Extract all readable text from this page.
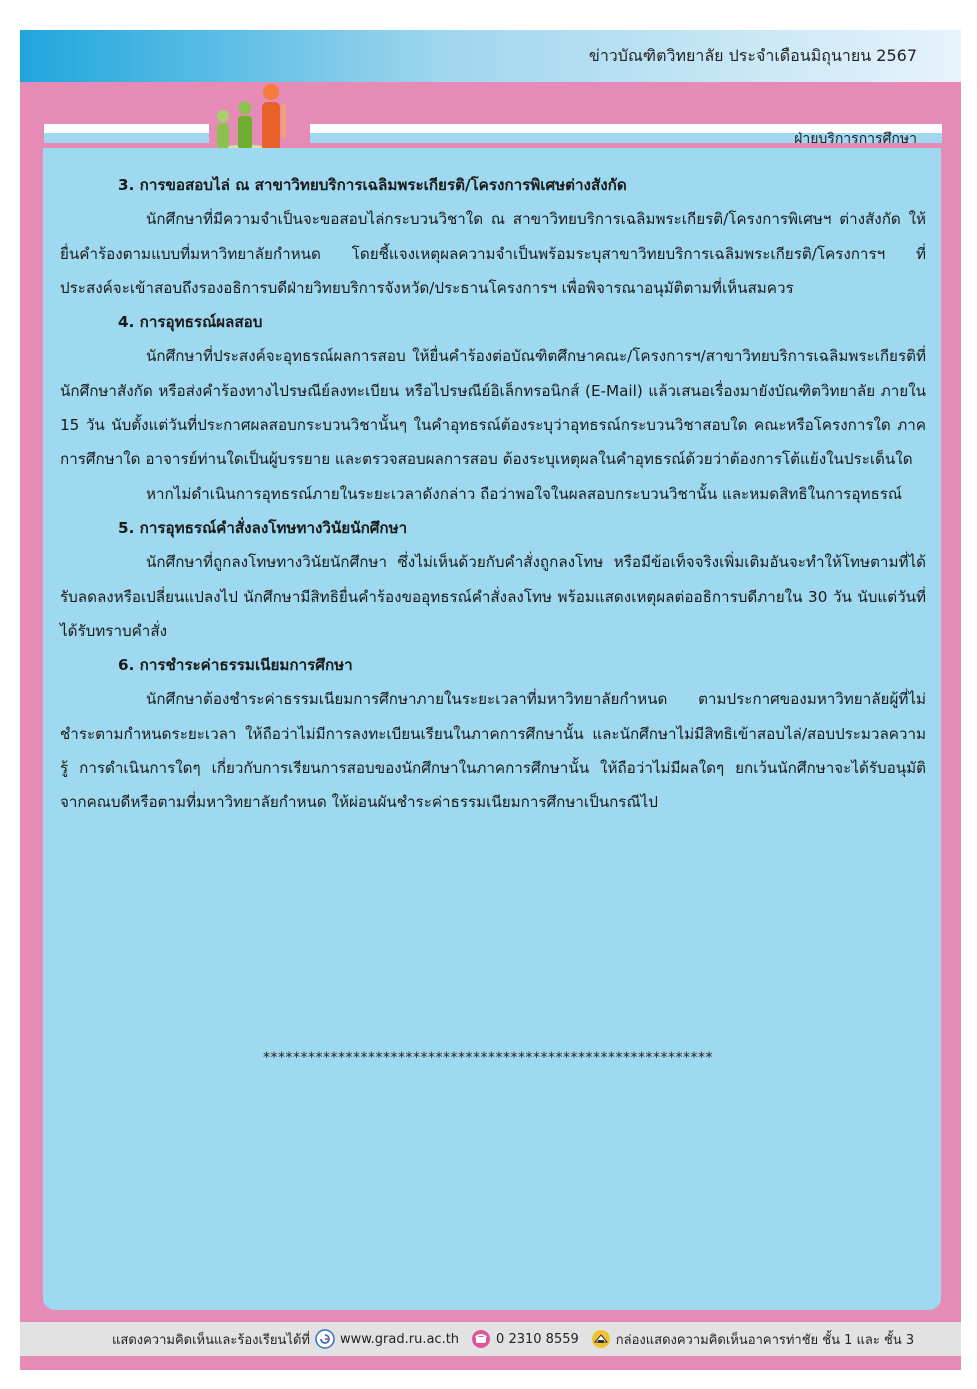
ข่าวบัณฑิตวิทยาลัย ประจำเดือนมิถุนายน 2567
ฝ่ายบริการการศึกษา

3. การขอสอบไล่ ณ สาขาวิทยบริการเฉลิมพระเกียรติ/โครงการพิเศษต่างสังกัด

นักศึกษาที่มีความจำเป็นจะขอสอบไล่กระบวนวิชาใด ณ สาขาวิทยบริการเฉลิมพระเกียรติ/โครงการพิเศษฯ ต่างสังกัด ให้ยื่นคำร้องตามแบบที่มหาวิทยาลัยกำหนด โดยชี้แจงเหตุผลความจำเป็นพร้อมระบุสาขาวิทยบริการเฉลิมพระเกียรติ/โครงการฯ ที่ประสงค์จะเข้าสอบถึงรองอธิการบดีฝ่ายวิทยบริการจังหวัด/ประธานโครงการฯ เพื่อพิจารณาอนุมัติตามที่เห็นสมควร

4. การอุทธรณ์ผลสอบ

นักศึกษาที่ประสงค์จะอุทธรณ์ผลการสอบ ให้ยื่นคำร้องต่อบัณฑิตศึกษาคณะ/โครงการฯ/สาขาวิทยบริการเฉลิมพระเกียรติที่นักศึกษาสังกัด หรือส่งคำร้องทางไปรษณีย์ลงทะเบียน หรือไปรษณีย์อิเล็กทรอนิกส์ (E-Mail) แล้วเสนอเรื่องมายังบัณฑิตวิทยาลัย ภายใน 15 วัน นับตั้งแต่วันที่ประกาศผลสอบกระบวนวิชานั้นๆ ในคำอุทธรณ์ต้องระบุว่าอุทธรณ์กระบวนวิชาสอบใด คณะหรือโครงการใด ภาคการศึกษาใด อาจารย์ท่านใดเป็นผู้บรรยาย และตรวจสอบผลการสอบ ต้องระบุเหตุผลในคำอุทธรณ์ด้วยว่าต้องการโต้แย้งในประเด็นใด

หากไม่ดำเนินการอุทธรณ์ภายในระยะเวลาดังกล่าว ถือว่าพอใจในผลสอบกระบวนวิชานั้น และหมดสิทธิในการอุทธรณ์

5. การอุทธรณ์คำสั่งลงโทษทางวินัยนักศึกษา

นักศึกษาที่ถูกลงโทษทางวินัยนักศึกษา ซึ่งไม่เห็นด้วยกับคำสั่งถูกลงโทษ หรือมีข้อเท็จจริงเพิ่มเติมอันจะทำให้โทษตามที่ได้รับลดลงหรือเปลี่ยนแปลงไป นักศึกษามีสิทธิยื่นคำร้องขออุทธรณ์คำสั่งลงโทษ พร้อมแสดงเหตุผลต่ออธิการบดีภายใน 30 วัน นับแต่วันที่ได้รับทราบคำสั่ง

6. การชำระค่าธรรมเนียมการศึกษา

นักศึกษาต้องชำระค่าธรรมเนียมการศึกษาภายในระยะเวลาที่มหาวิทยาลัยกำหนด ตามประกาศของมหาวิทยาลัยผู้ที่ไม่ชำระตามกำหนดระยะเวลา ให้ถือว่าไม่มีการลงทะเบียนเรียนในภาคการศึกษานั้น และนักศึกษาไม่มีสิทธิเข้าสอบไล่/สอบประมวลความรู้ การดำเนินการใดๆ เกี่ยวกับการเรียนการสอบของนักศึกษาในภาคการศึกษานั้น ให้ถือว่าไม่มีผลใดๆ ยกเว้นนักศึกษาจะได้รับอนุมัติจากคณบดีหรือตามที่มหาวิทยาลัยกำหนด ให้ผ่อนผันชำระค่าธรรมเนียมการศึกษาเป็นกรณีไป

************************************************************
แสดงความคิดเห็นและร้องเรียนได้ที่ www.grad.ru.ac.th	0 2310 8559	กล่องแสดงความคิดเห็นอาคารท่าชัย ชั้น 1 และ ชั้น 3
